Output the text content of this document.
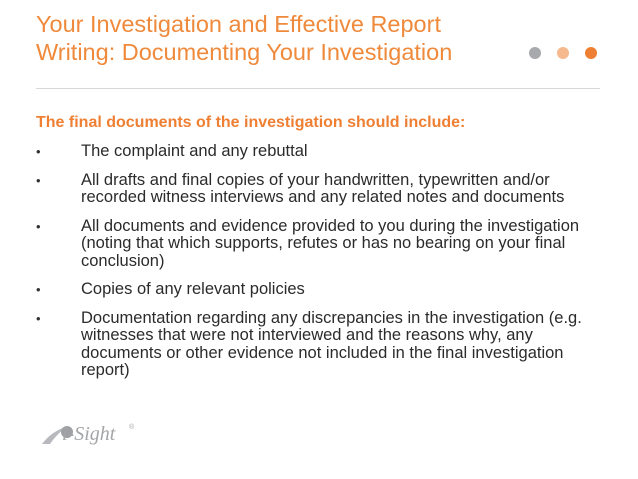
Your Investigation and Effective Report
Writing: Documenting Your Investigation
The final documents of the investigation should include:
• The complaint and any rebuttal
• All drafts and final copies of your handwritten, typewritten and/or recorded witness interviews and any related notes and documents
• All documents and evidence provided to you during the investigation (noting that which supports, refutes or has no bearing on your final conclusion)
• Copies of any relevant policies
• Documentation regarding any discrepancies in the investigation (e.g. witnesses that were not interviewed and the reasons why, any documents or other evidence not included in the final investigation report)
i-Sight ®
